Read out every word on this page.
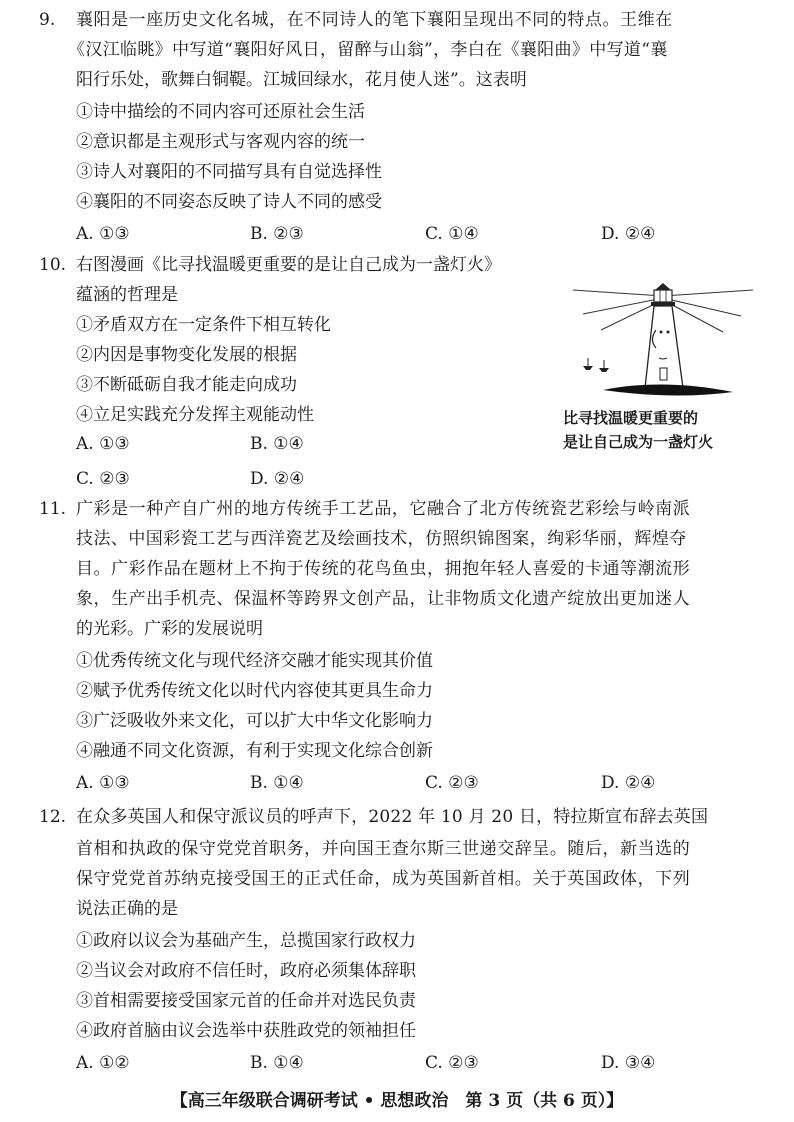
9. 襄阳是一座历史文化名城，在不同诗人的笔下襄阳呈现出不同的特点。王维在
《汉江临眺》中写道“襄阳好风日，留醉与山翁”，李白在《襄阳曲》中写道“襄
阳行乐处，歌舞白铜鞮。江城回绿水，花月使人迷”。这表明
①诗中描绘的不同内容可还原社会生活
②意识都是主观形式与客观内容的统一
③诗人对襄阳的不同描写具有自觉选择性
④襄阳的不同姿态反映了诗人不同的感受
A. ①③	B. ②③	C. ①④	D. ②④
10. 右图漫画《比寻找温暖更重要的是让自己成为一盏灯火》
蕴涵的哲理是
①矛盾双方在一定条件下相互转化
②内因是事物变化发展的根据
③不断砥砺自我才能走向成功
④立足实践充分发挥主观能动性
A. ①③	B. ①④
C. ②③	D. ②④
比寻找温暖更重要的
是让自己成为一盏灯火
11. 广彩是一种产自广州的地方传统手工艺品，它融合了北方传统瓷艺彩绘与岭南派
技法、中国彩瓷工艺与西洋瓷艺及绘画技术，仿照织锦图案，绚彩华丽，辉煌夺
目。广彩作品在题材上不拘于传统的花鸟鱼虫，拥抱年轻人喜爱的卡通等潮流形
象，生产出手机壳、保温杯等跨界文创产品，让非物质文化遗产绽放出更加迷人
的光彩。广彩的发展说明
①优秀传统文化与现代经济交融才能实现其价值
②赋予优秀传统文化以时代内容使其更具生命力
③广泛吸收外来文化，可以扩大中华文化影响力
④融通不同文化资源，有利于实现文化综合创新
A. ①③	B. ①④	C. ②③	D. ②④
12. 在众多英国人和保守派议员的呼声下，2022 年 10 月 20 日，特拉斯宣布辞去英国
首相和执政的保守党党首职务，并向国王查尔斯三世递交辞呈。随后，新当选的
保守党党首苏纳克接受国王的正式任命，成为英国新首相。关于英国政体，下列
说法正确的是
①政府以议会为基础产生，总揽国家行政权力
②当议会对政府不信任时，政府必须集体辞职
③首相需要接受国家元首的任命并对选民负责
④政府首脑由议会选举中获胜政党的领袖担任
A. ①②	B. ①④	C. ②③	D. ③④
【高三年级联合调研考试 • 思想政治　第 3 页（共 6 页）】
